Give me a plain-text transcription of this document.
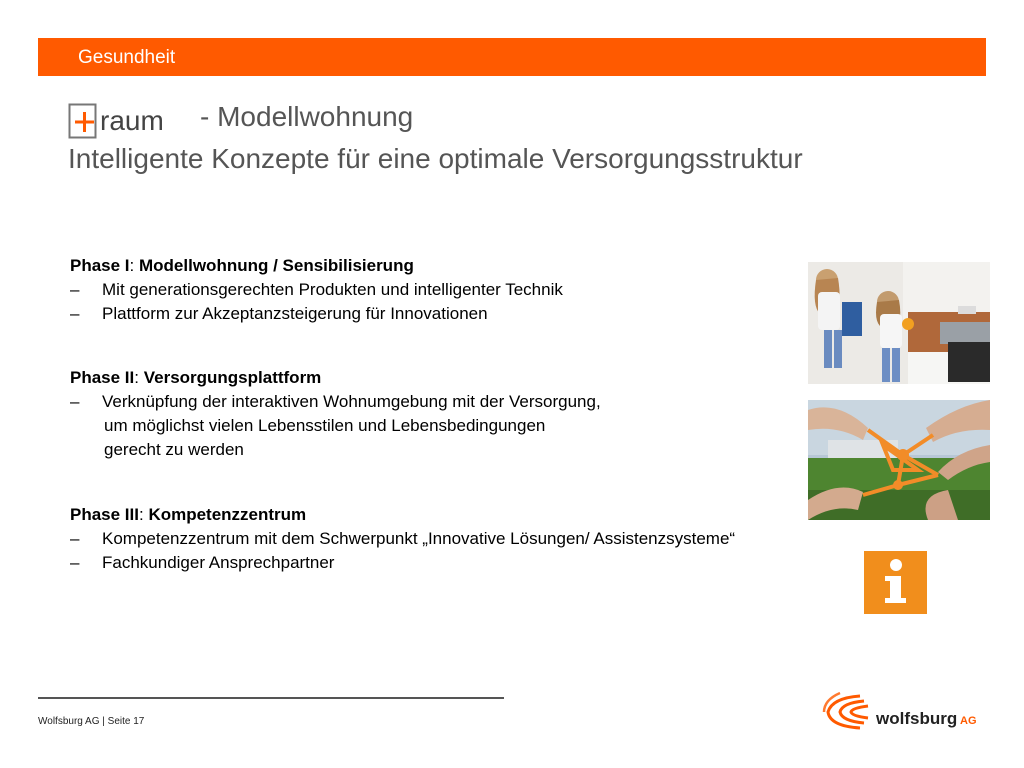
Gesundheit
raum - Modellwohnung
Intelligente Konzepte für eine optimale Versorgungsstruktur
Phase I: Modellwohnung / Sensibilisierung
– Mit generationsgerechten Produkten und intelligenter Technik
– Plattform zur Akzeptanzsteigerung für Innovationen
Phase II: Versorgungsplattform
– Verknüpfung der interaktiven Wohnumgebung mit der Versorgung,
um möglichst vielen Lebensstilen und Lebensbedingungen
gerecht zu werden
Phase III: Kompetenzzentrum
– Kompetenzzentrum mit dem Schwerpunkt „Innovative Lösungen/ Assistenzsysteme“
– Fachkundiger Ansprechpartner
Wolfsburg AG | Seite 17	wolfsburg AG
